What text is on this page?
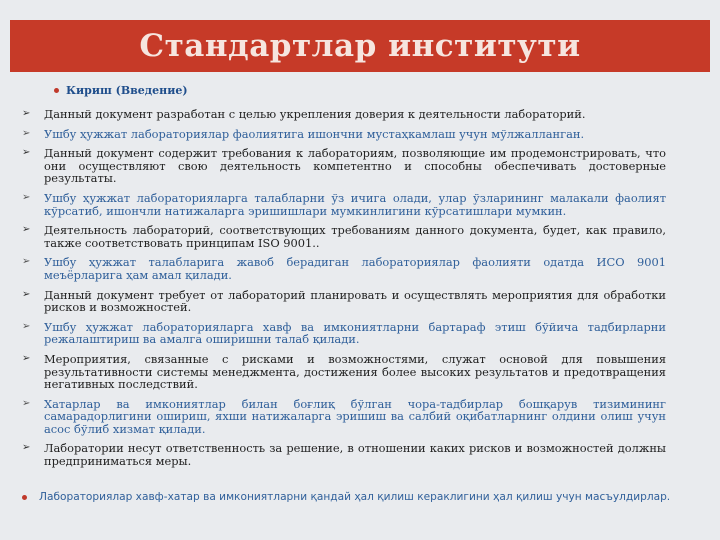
Стандартлар институти
Кириш (Введение)
➢ Данный документ разработан с целью укрепления доверия к деятельности лабораторий.
➢ Ушбу ҳужжат лабораториялар фаолиятига ишончни мустаҳкамлаш учун мўлжалланган.
➢ Данный документ содержит требования к лабораториям, позволяющие им продемонстрировать, что они осуществляют свою деятельность компетентно и способны обеспечивать достоверные результаты.
➢ Ушбу ҳужжат лабораторияларга талабларни ўз ичига олади, улар ўзларининг малакали фаолият кўрсатиб, ишончли натижаларга эришишлари мумкинлигини кўрсатишлари мумкин.
➢ Деятельность лабораторий, соответствующих требованиям данного документа, будет, как правило, также соответствовать принципам ISO 9001..
➢ Ушбу ҳужжат талабларига жавоб берадиган лабораториялар фаолияти одатда ИСО 9001 меъёрларига ҳам амал қилади.
➢ Данный документ требует от лабораторий планировать и осуществлять мероприятия для обработки рисков и возможностей.
➢ Ушбу ҳужжат лабораторияларга хавф ва имкониятларни бартараф этиш бўйича тадбирларни режалаштириш ва амалга оширишни талаб қилади.
➢ Мероприятия, связанные с рисками и возможностями, служат основой для повышения результативности системы менеджмента, достижения более высоких результатов и предотвращения негативных последствий.
➢ Хатарлар ва имкониятлар билан боғлиқ бўлган чора-тадбирлар бошқарув тизимининг самарадорлигини ошириш, яхши натижаларга эришиш ва салбий оқибатларнинг олдини олиш учун асос бўлиб хизмат қилади.
➢ Лаборатории несут ответственность за решение, в отношении каких рисков и возможностей должны предприниматься меры.
Лабораториялар хавф-хатар ва имкониятларни қандай ҳал қилиш кераклигини ҳал қилиш учун масъулдирлар.
